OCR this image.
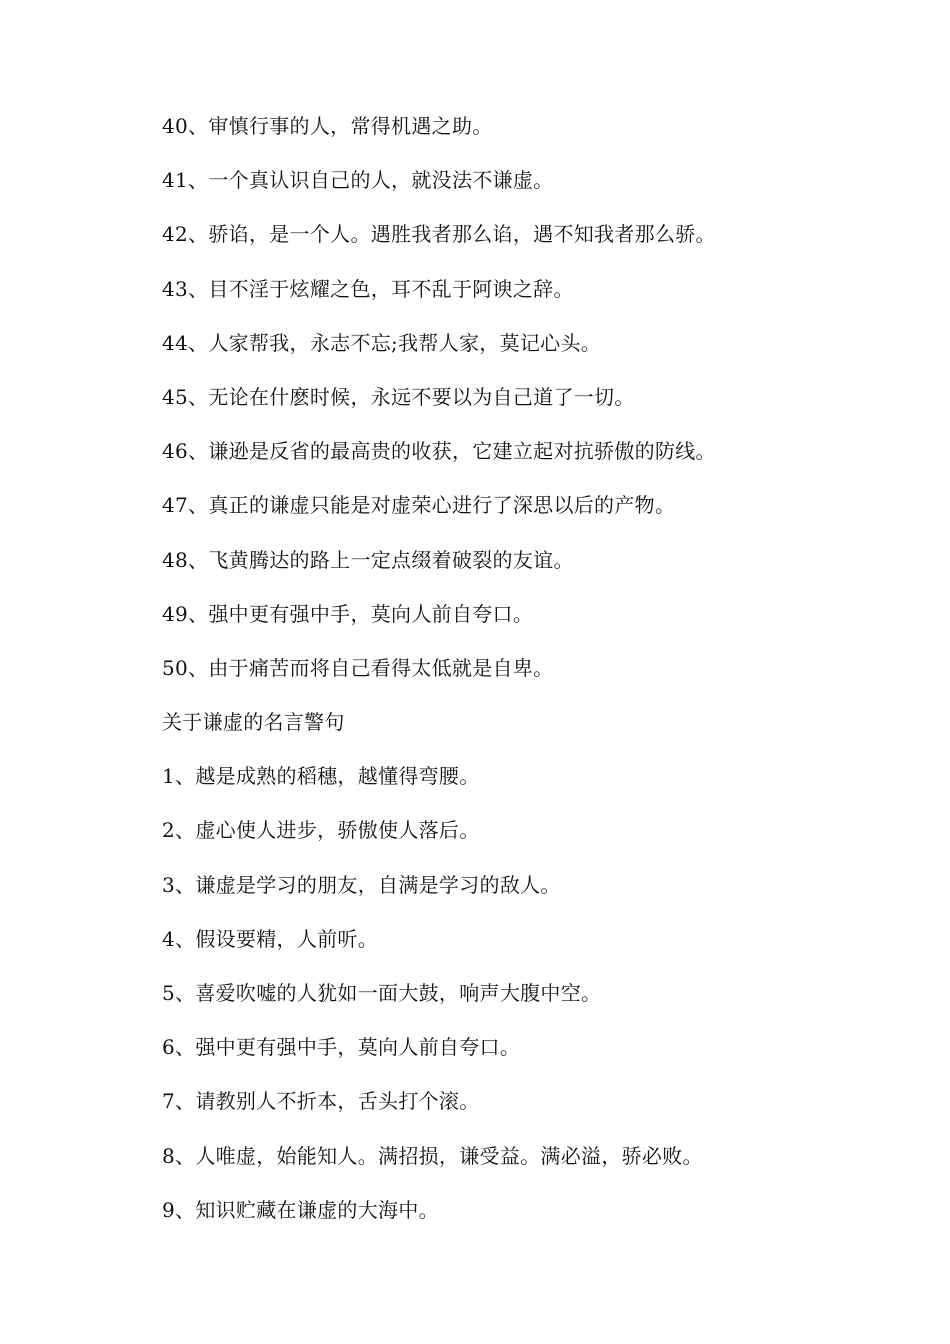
40、审慎行事的人，常得机遇之助。

41、一个真认识自己的人，就没法不谦虚。

42、骄谄，是一个人。遇胜我者那么谄，遇不知我者那么骄。

43、目不淫于炫耀之色，耳不乱于阿谀之辞。

44、人家帮我，永志不忘;我帮人家，莫记心头。

45、无论在什麽时候，永远不要以为自己道了一切。

46、谦逊是反省的最高贵的收获，它建立起对抗骄傲的防线。

47、真正的谦虚只能是对虚荣心进行了深思以后的产物。

48、飞黄腾达的路上一定点缀着破裂的友谊。

49、强中更有强中手，莫向人前自夸口。

50、由于痛苦而将自己看得太低就是自卑。

关于谦虚的名言警句

1、越是成熟的稻穗，越懂得弯腰。

2、虚心使人进步，骄傲使人落后。

3、谦虚是学习的朋友，自满是学习的敌人。

4、假设要精，人前听。

5、喜爱吹嘘的人犹如一面大鼓，响声大腹中空。

6、强中更有强中手，莫向人前自夸口。

7、请教别人不折本，舌头打个滚。

8、人唯虚，始能知人。满招损，谦受益。满必溢，骄必败。

9、知识贮藏在谦虚的大海中。
